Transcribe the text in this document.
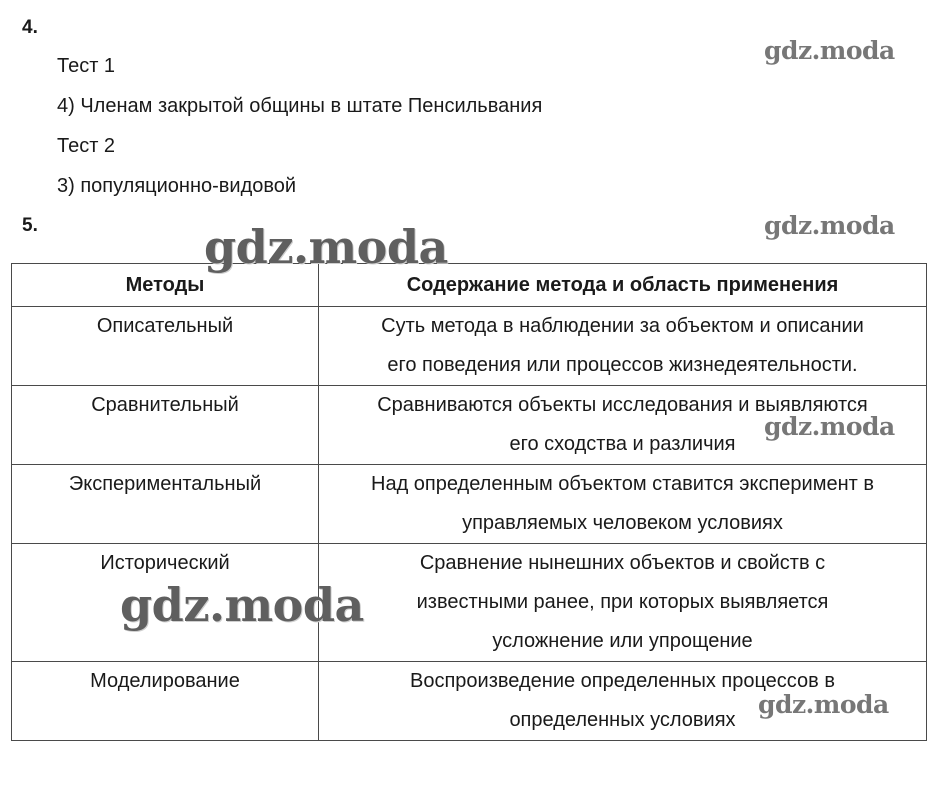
4.
Тест 1
4) Членам закрытой общины в штате Пенсильвания
Тест 2
3) популяционно-видовой
5.
Методы	Содержание метода и область применения

Описательный	Суть метода в наблюдении за объектом и описании
его поведения или процессов жизнедеятельности.

Сравнительный	Сравниваются объекты исследования и выявляются
его сходства и различия

Экспериментальный	Над определенным объектом ставится эксперимент в
управляемых человеком условиях

Исторический	Сравнение нынешних объектов и свойств с
известными ранее, при которых выявляется
усложнение или упрощение

Моделирование	Воспроизведение определенных процессов в
определенных условиях
gdz.moda
gdz.moda
gdz.moda
gdz.moda
gdz.moda
gdz.moda
